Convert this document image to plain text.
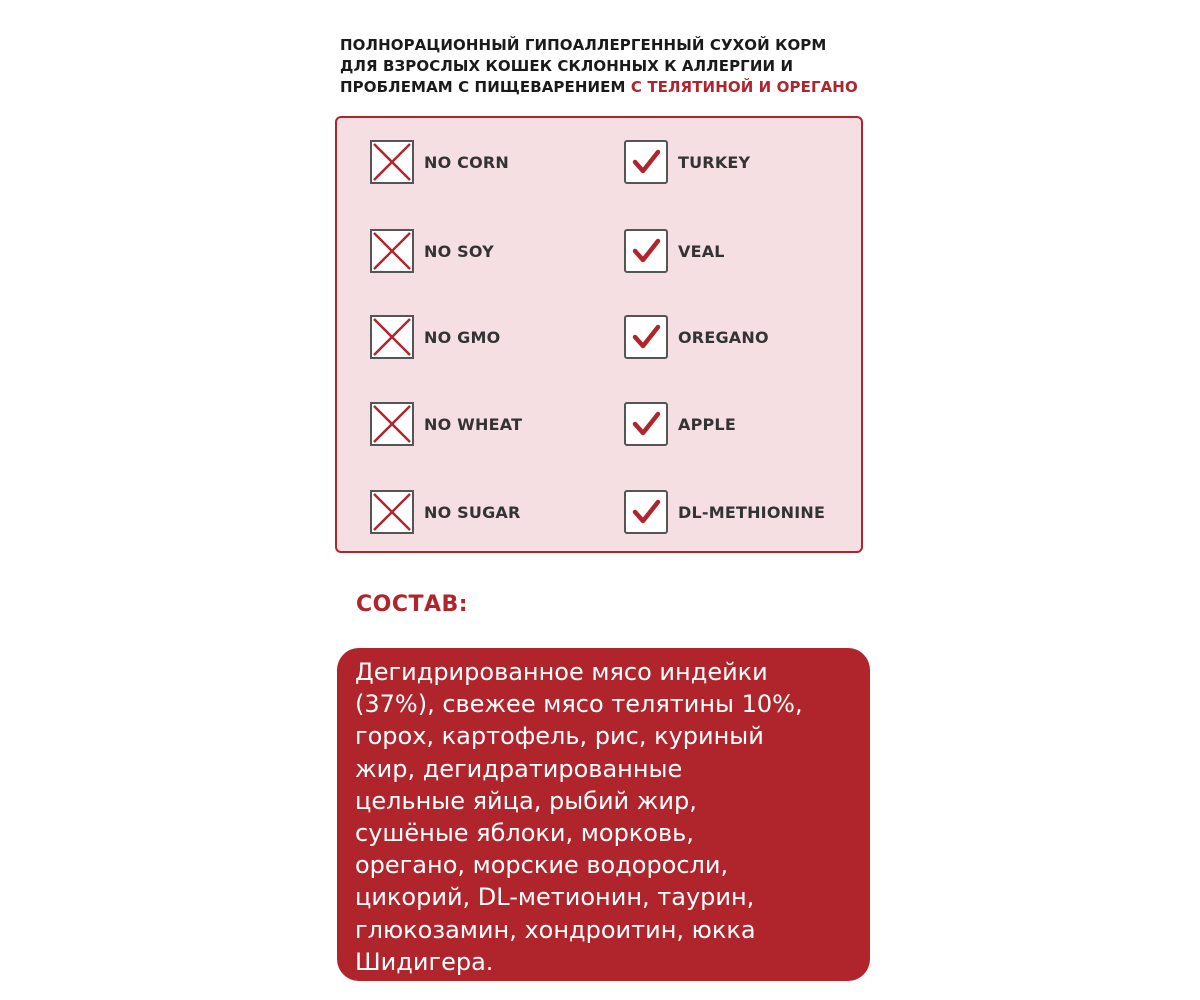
ПОЛНОРАЦИОННЫЙ ГИПОАЛЛЕРГЕННЫЙ СУХОЙ КОРМ
ДЛЯ ВЗРОСЛЫХ КОШЕК СКЛОННЫХ К АЛЛЕРГИИ И
ПРОБЛЕМАМ С ПИЩЕВАРЕНИЕМ С ТЕЛЯТИНОЙ И ОРЕГАНО
NO CORN	TURKEY
NO SOY	VEAL
NO GMO	OREGANO
NO WHEAT	APPLE
NO SUGAR	DL-METHIONINE
СОСТАВ:
Дегидрированное мясо индейки
(37%), свежее мясо телятины 10%,
горох, картофель, рис, куриный
жир, дегидратированные
цельные яйца, рыбий жир,
сушёные яблоки, морковь,
орегано, морские водоросли,
цикорий, DL-метионин, таурин,
глюкозамин, хондроитин, юкка
Шидигера.
